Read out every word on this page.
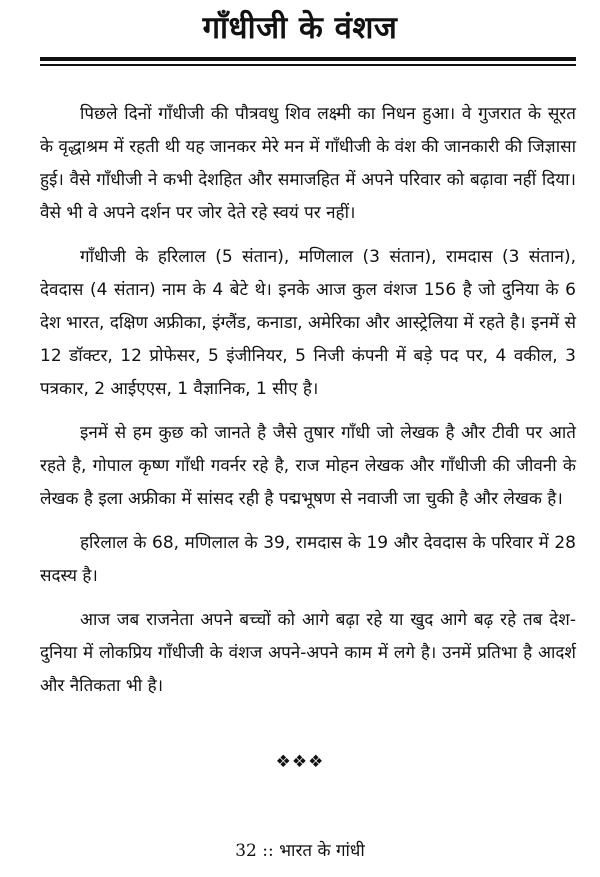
गाँधीजी के वंशज

पिछले दिनों गाँधीजी की पौत्रवधु शिव लक्ष्मी का निधन हुआ। वे गुजरात के सूरत के वृद्धाश्रम में रहती थी यह जानकर मेरे मन में गाँधीजी के वंश की जानकारी की जिज्ञासा हुई। वैसे गाँधीजी ने कभी देशहित और समाजहित में अपने परिवार को बढ़ावा नहीं दिया। वैसे भी वे अपने दर्शन पर जोर देते रहे स्वयं पर नहीं।

गाँधीजी के हरिलाल (5 संतान), मणिलाल (3 संतान), रामदास (3 संतान), देवदास (4 संतान) नाम के 4 बेटे थे। इनके आज कुल वंशज 156 है जो दुनिया के 6 देश भारत, दक्षिण अफ्रीका, इंग्लैंड, कनाडा, अमेरिका और आस्ट्रेलिया में रहते है। इनमें से 12 डॉक्टर, 12 प्रोफेसर, 5 इंजीनियर, 5 निजी कंपनी में बड़े पद पर, 4 वकील, 3 पत्रकार, 2 आईएएस, 1 वैज्ञानिक, 1 सीए है।

इनमें से हम कुछ को जानते है जैसे तुषार गाँधी जो लेखक है और टीवी पर आते रहते है, गोपाल कृष्ण गाँधी गवर्नर रहे है, राज मोहन लेखक और गाँधीजी की जीवनी के लेखक है इला अफ्रीका में सांसद रही है पद्मभूषण से नवाजी जा चुकी है और लेखक है।

हरिलाल के 68, मणिलाल के 39, रामदास के 19 और देवदास के परिवार में 28 सदस्य है।

आज जब राजनेता अपने बच्चों को आगे बढ़ा रहे या खुद आगे बढ़ रहे तब देश-दुनिया में लोकप्रिय गाँधीजी के वंशज अपने-अपने काम में लगे है। उनमें प्रतिभा है आदर्श और नैतिकता भी है।

❖❖❖
32 :: भारत के गांधी
